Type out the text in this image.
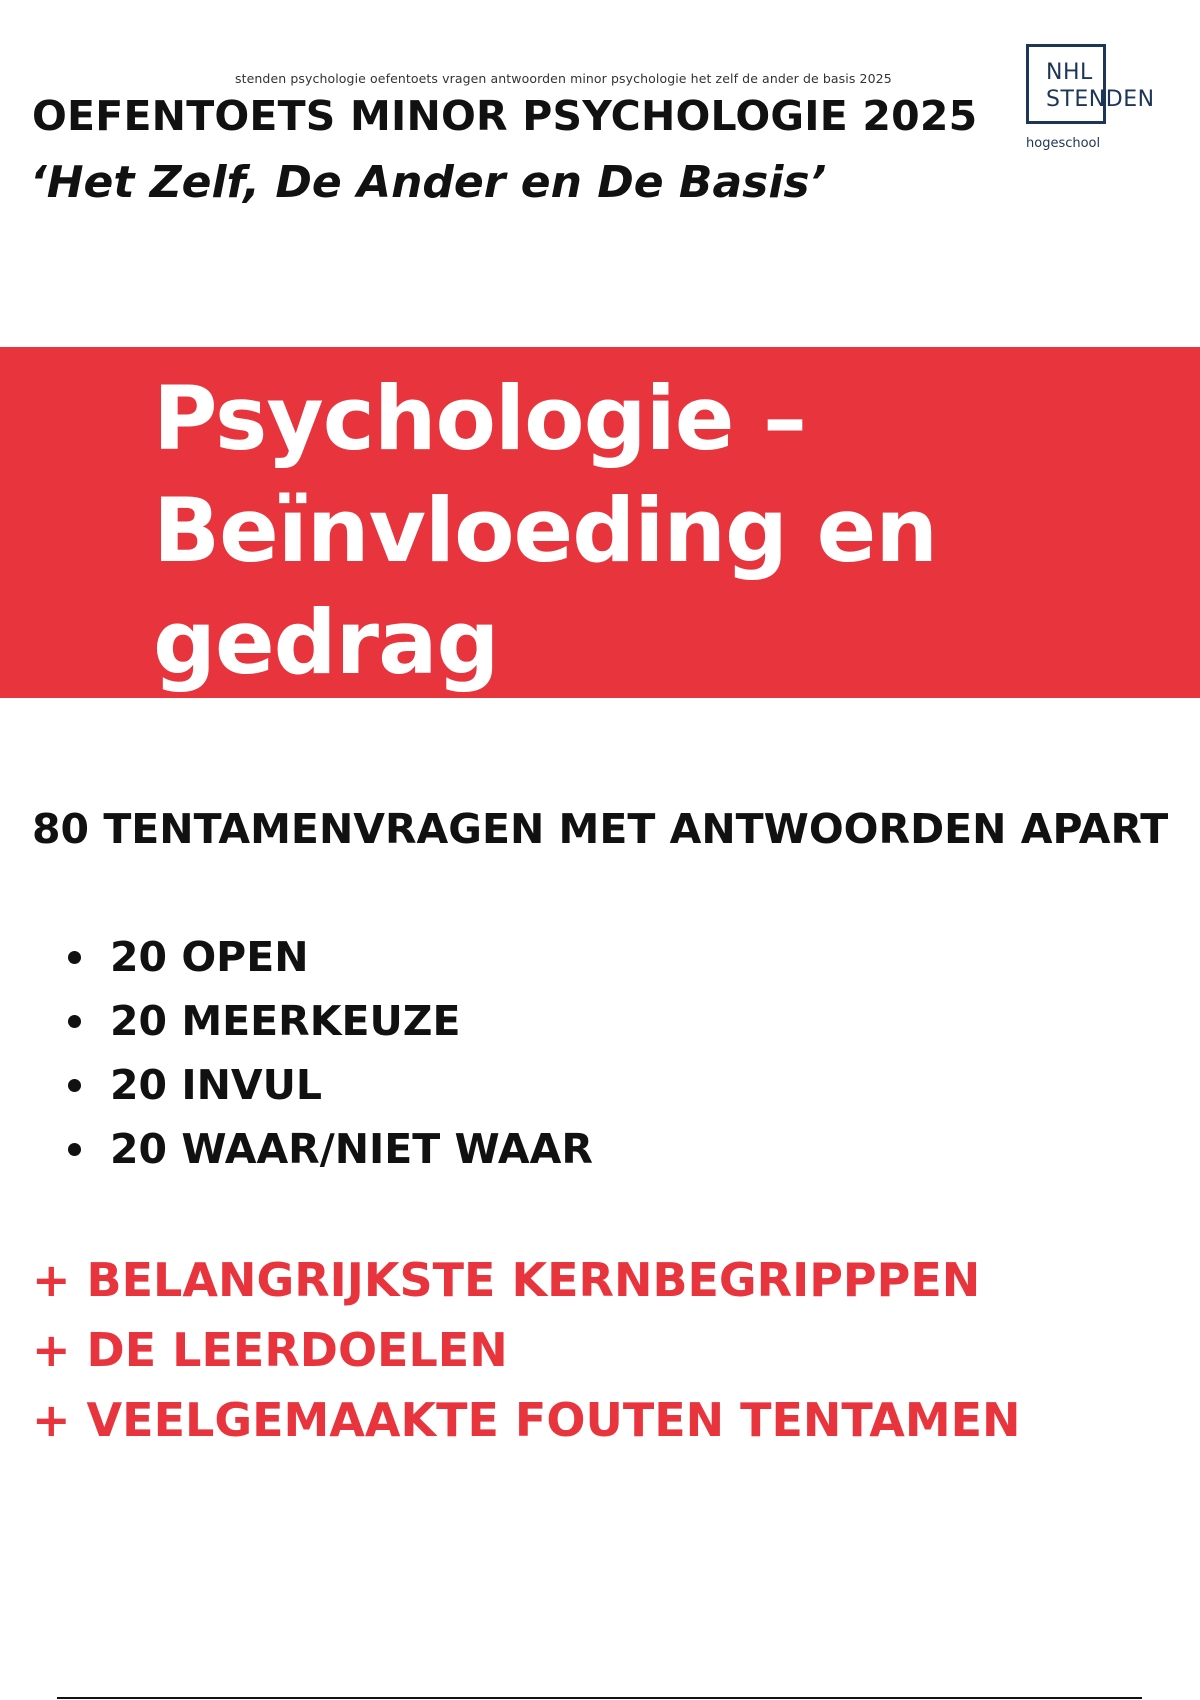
stenden psychologie oefentoets vragen antwoorden minor psychologie het zelf de ander de basis 2025
OEFENTOETS MINOR PSYCHOLOGIE 2025
‘Het Zelf, De Ander en De Basis’
NHL
STENDEN
hogeschool
Psychologie –
Beïnvloeding en
gedrag
80 TENTAMENVRAGEN MET ANTWOORDEN APART
20 OPEN
20 MEERKEUZE
20 INVUL
20 WAAR/NIET WAAR
+ BELANGRIJKSTE KERNBEGRIPPPEN
+ DE LEERDOELEN
+ VEELGEMAAKTE FOUTEN TENTAMEN
